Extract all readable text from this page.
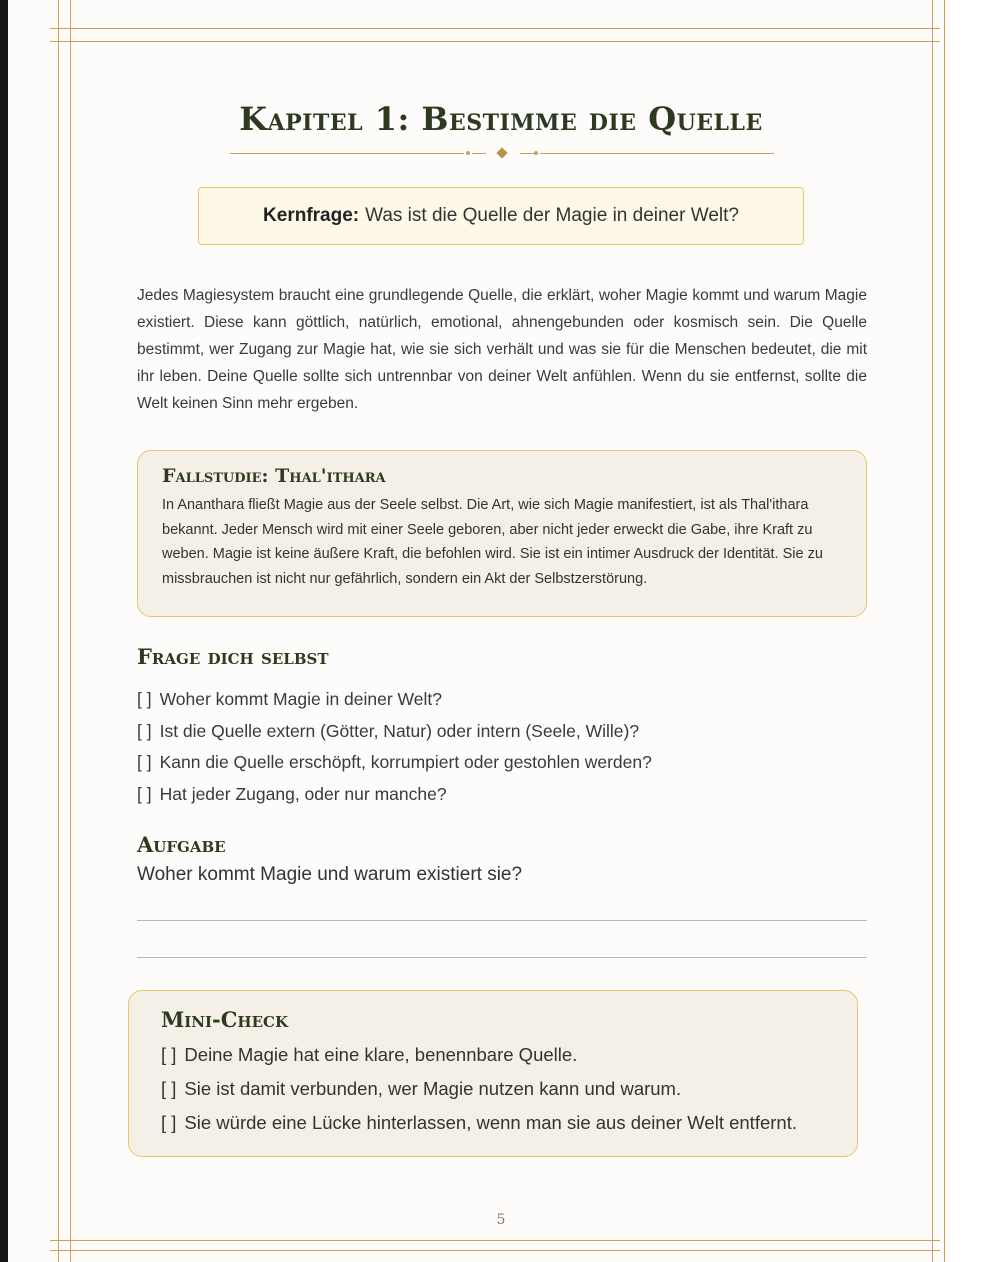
Kapitel 1: Bestimme die Quelle
Kernfrage: Was ist die Quelle der Magie in deiner Welt?

Jedes Magiesystem braucht eine grundlegende Quelle, die erklärt, woher Magie kommt und warum Magie existiert. Diese kann göttlich, natürlich, emotional, ahnengebunden oder kosmisch sein. Die Quelle bestimmt, wer Zugang zur Magie hat, wie sie sich verhält und was sie für die Menschen bedeutet, die mit ihr leben. Deine Quelle sollte sich untrennbar von deiner Welt anfühlen. Wenn du sie entfernst, sollte die Welt keinen Sinn mehr ergeben.

Fallstudie: Thal'ithara

In Ananthara fließt Magie aus der Seele selbst. Die Art, wie sich Magie manifestiert, ist als Thal'ithara bekannt. Jeder Mensch wird mit einer Seele geboren, aber nicht jeder erweckt die Gabe, ihre Kraft zu weben. Magie ist keine äußere Kraft, die befohlen wird. Sie ist ein intimer Ausdruck der Identität. Sie zu missbrauchen ist nicht nur gefährlich, sondern ein Akt der Selbstzerstörung.

Frage dich selbst
[ ] Woher kommt Magie in deiner Welt?
[ ] Ist die Quelle extern (Götter, Natur) oder intern (Seele, Wille)?
[ ] Kann die Quelle erschöpft, korrumpiert oder gestohlen werden?
[ ] Hat jeder Zugang, oder nur manche?
Aufgabe

Woher kommt Magie und warum existiert sie?

Mini-Check
[ ] Deine Magie hat eine klare, benennbare Quelle.
[ ] Sie ist damit verbunden, wer Magie nutzen kann und warum.
[ ] Sie würde eine Lücke hinterlassen, wenn man sie aus deiner Welt entfernt.
5
